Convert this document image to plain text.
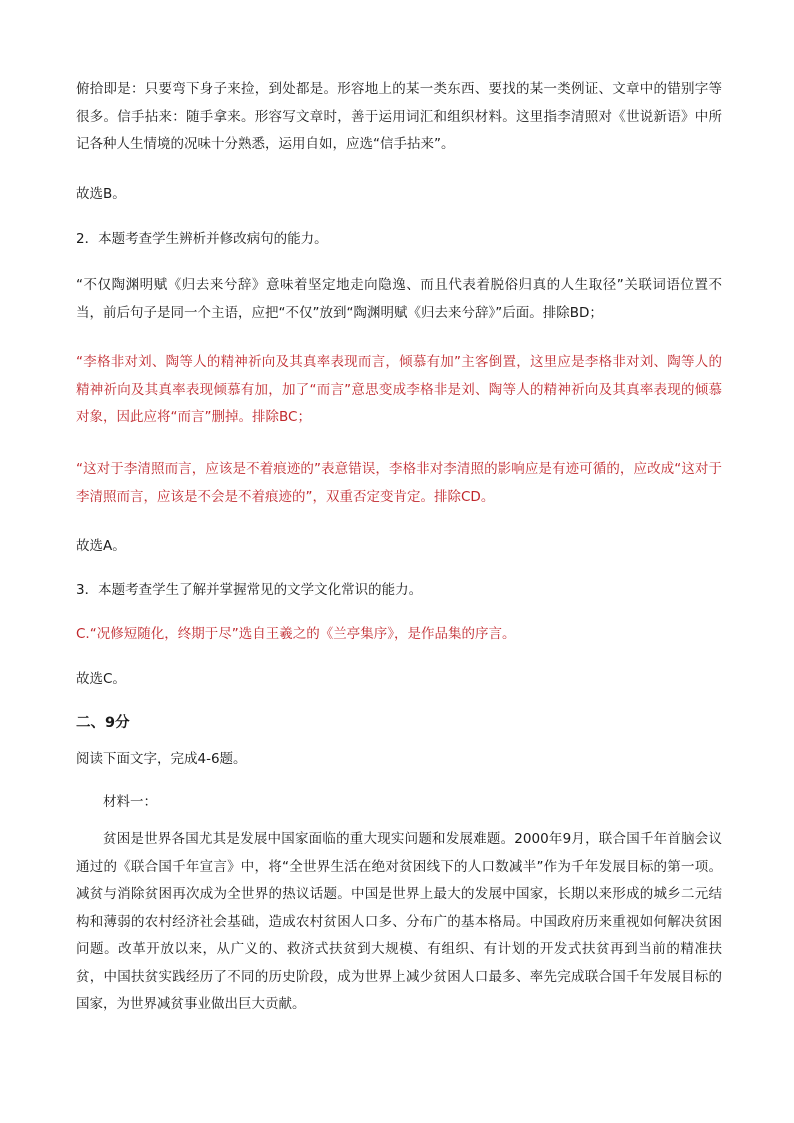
俯拾即是：只要弯下身子来捡，到处都是。形容地上的某一类东西、要找的某一类例证、文章中的错别字等很多。信手拈来：随手拿来。形容写文章时，善于运用词汇和组织材料。这里指李清照对《世说新语》中所记各种人生情境的况味十分熟悉，运用自如，应选“信手拈来”。

故选B。

2．本题考查学生辨析并修改病句的能力。

“不仅陶渊明赋《归去来兮辞》意味着坚定地走向隐逸、而且代表着脱俗归真的人生取径”关联词语位置不当，前后句子是同一个主语，应把“不仅”放到“陶渊明赋《归去来兮辞》”后面。排除BD；

“李格非对刘、陶等人的精神祈向及其真率表现而言，倾慕有加”主客倒置，这里应是李格非对刘、陶等人的精神祈向及其真率表现倾慕有加，加了“而言”意思变成李格非是刘、陶等人的精神祈向及其真率表现的倾慕对象，因此应将“而言”删掉。排除BC；

“这对于李清照而言，应该是不着痕迹的”表意错误，李格非对李清照的影响应是有迹可循的，应改成“这对于李清照而言，应该是不会是不着痕迹的”，双重否定变肯定。排除CD。

故选A。

3．本题考查学生了解并掌握常见的文学文化常识的能力。

C.“况修短随化，终期于尽”选自王羲之的《兰亭集序》，是作品集的序言。

故选C。

二、9分

阅读下面文字，完成4-6题。

材料一：

贫困是世界各国尤其是发展中国家面临的重大现实问题和发展难题。2000年9月，联合国千年首脑会议通过的《联合国千年宣言》中，将“全世界生活在绝对贫困线下的人口数减半”作为千年发展目标的第一项。减贫与消除贫困再次成为全世界的热议话题。中国是世界上最大的发展中国家，长期以来形成的城乡二元结构和薄弱的农村经济社会基础，造成农村贫困人口多、分布广的基本格局。中国政府历来重视如何解决贫困问题。改革开放以来，从广义的、救济式扶贫到大规模、有组织、有计划的开发式扶贫再到当前的精准扶贫，中国扶贫实践经历了不同的历史阶段，成为世界上减少贫困人口最多、率先完成联合国千年发展目标的国家，为世界减贫事业做出巨大贡献。
